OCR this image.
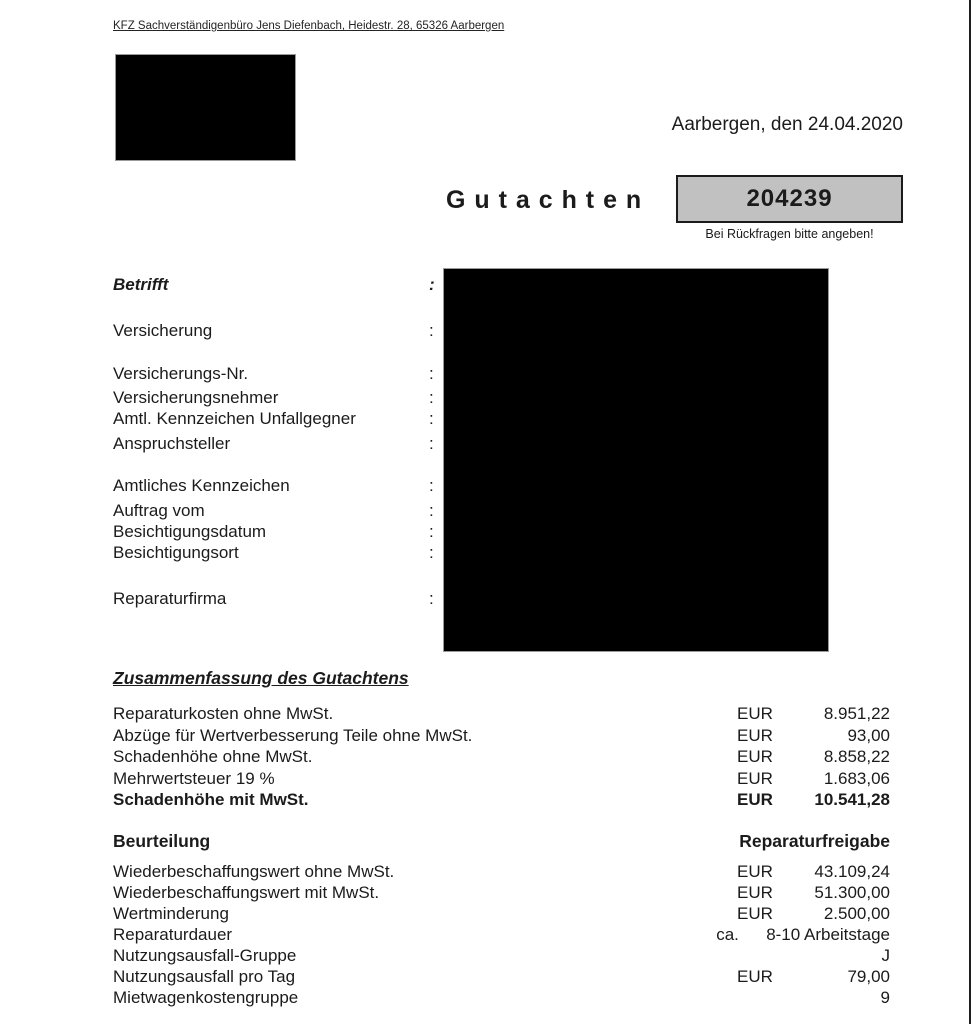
KFZ Sachverständigenbüro Jens Diefenbach, Heidestr. 28, 65326 Aarbergen
Aarbergen, den 24.04.2020
G u t a c h t e n	204239
Bei Rückfragen bitte angeben!
Betrifft	:
Versicherung	:
Versicherungs-Nr.	:
Versicherungsnehmer	:
Amtl. Kennzeichen Unfallgegner	:
Anspruchsteller	:
Amtliches Kennzeichen	:
Auftrag vom	:
Besichtigungsdatum	:
Besichtigungsort	:
Reparaturfirma	:
Zusammenfassung des Gutachtens
Reparaturkosten ohne MwSt.	EUR	8.951,22
Abzüge für Wertverbesserung Teile ohne MwSt.	EUR	93,00
Schadenhöhe ohne MwSt.	EUR	8.858,22
Mehrwertsteuer 19 %	EUR	1.683,06
Schadenhöhe mit MwSt.	EUR	10.541,28
Beurteilung	Reparaturfreigabe
Wiederbeschaffungswert ohne MwSt.	EUR	43.109,24
Wiederbeschaffungswert mit MwSt.	EUR	51.300,00
Wertminderung	EUR	2.500,00
Reparaturdauer	ca.	8-10 Arbeitstage
Nutzungsausfall-Gruppe	J
Nutzungsausfall pro Tag	EUR	79,00
Mietwagenkostengruppe	9
